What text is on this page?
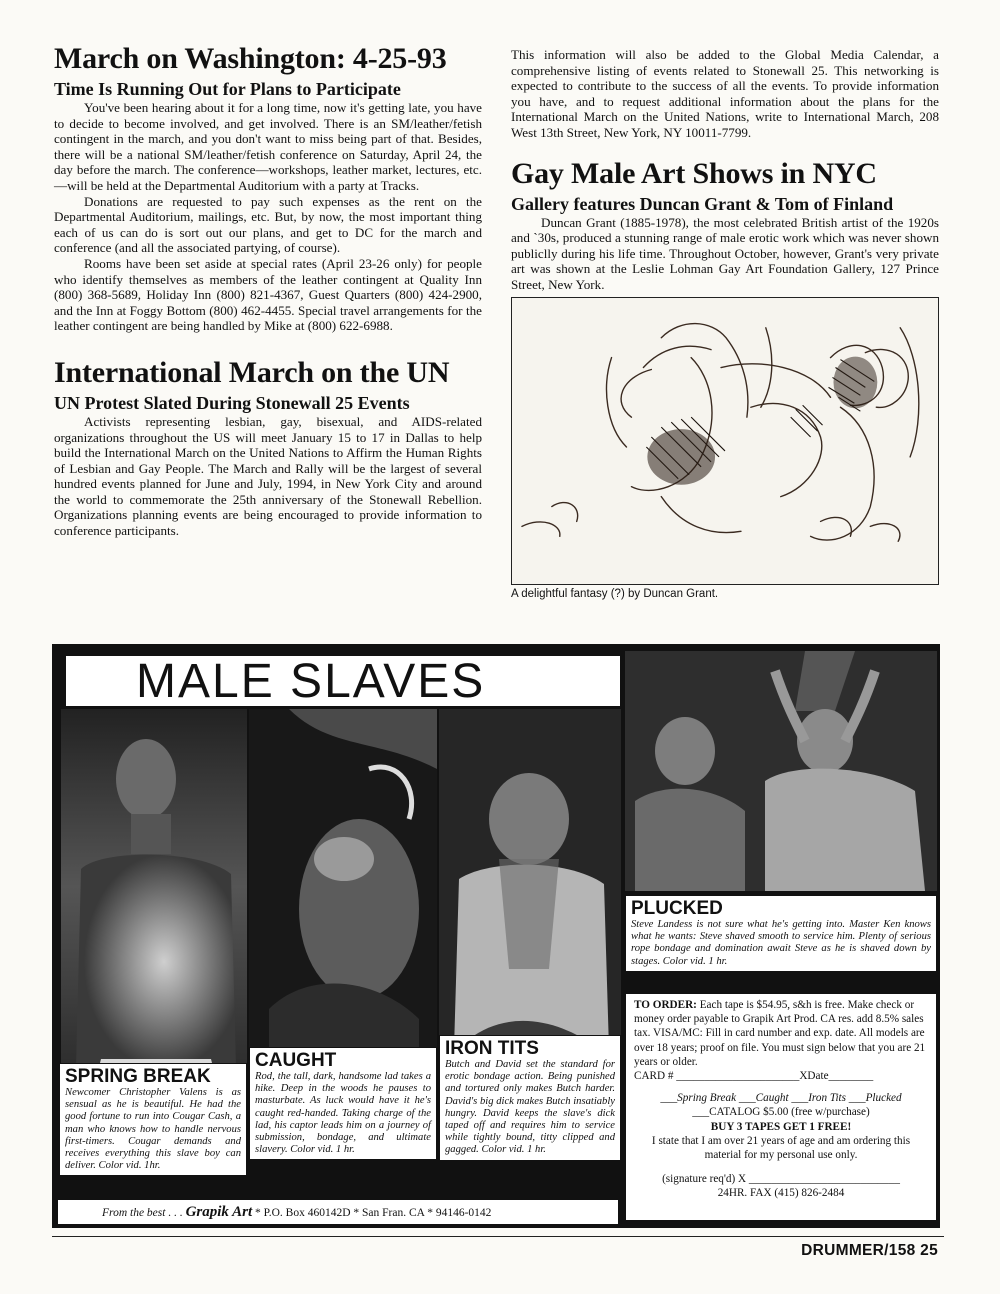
March on Washington: 4-25-93
Time Is Running Out for Plans to Participate

You've been hearing about it for a long time, now it's getting late, you have to decide to become involved, and get involved. There is an SM/leather/fetish contingent in the march, and you don't want to miss being part of that. Besides, there will be a national SM/leather/fetish conference on Saturday, April 24, the day before the march. The conference—workshops, leather market, lectures, etc.—will be held at the Departmental Auditorium with a party at Tracks.

Donations are requested to pay such expenses as the rent on the Departmental Auditorium, mailings, etc. But, by now, the most important thing each of us can do is sort out our plans, and get to DC for the march and conference (and all the associated partying, of course).

Rooms have been set aside at special rates (April 23-26 only) for people who identify themselves as members of the leather contingent at Quality Inn (800) 368-5689, Holiday Inn (800) 821-4367, Guest Quarters (800) 424-2900, and the Inn at Foggy Bottom (800) 462-4455. Special travel arrangements for the leather contingent are being handled by Mike at (800) 622-6988.

International March on the UN
UN Protest Slated During Stonewall 25 Events

Activists representing lesbian, gay, bisexual, and AIDS-related organizations throughout the US will meet January 15 to 17 in Dallas to help build the International March on the United Nations to Affirm the Human Rights of Lesbian and Gay People. The March and Rally will be the largest of several hundred events planned for June and July, 1994, in New York City and around the world to commemorate the 25th anniversary of the Stonewall Rebellion. Organizations planning events are being encouraged to provide information to conference participants.

This information will also be added to the Global Media Calendar, a comprehensive listing of events related to Stonewall 25. This networking is expected to contribute to the success of all the events. To provide information you have, and to request additional information about the plans for the International March on the United Nations, write to International March, 208 West 13th Street, New York, NY 10011-7799.

Gay Male Art Shows in NYC
Gallery features Duncan Grant & Tom of Finland

Duncan Grant (1885-1978), the most celebrated British artist of the 1920s and `30s, produced a stunning range of male erotic work which was never shown publiclly during his life time. Throughout October, however, Grant's very private art was shown at the Leslie Lohman Gay Art Foundation Gallery, 127 Prince Street, New York.

A delightful fantasy (?) by Duncan Grant.
MALE SLAVES
SPRING BREAK
Newcomer Christopher Valens is as sensual as he is beautiful. He had the good fortune to run into Cougar Cash, a man who knows how to handle nervous first-timers. Cougar demands and receives everything this slave boy can deliver. Color vid. 1hr.
CAUGHT
Rod, the tall, dark, handsome lad takes a hike. Deep in the woods he pauses to masturbate. As luck would have it he's caught red-handed. Taking charge of the lad, his captor leads him on a journey of submission, bondage, and ultimate slavery. Color vid. 1 hr.
IRON TITS
Butch and David set the standard for erotic bondage action. Being punished and tortured only makes Butch harder. David's big dick makes Butch insatiably hungry. David keeps the slave's dick taped off and requires him to service while tightly bound, titty clipped and gagged. Color vid. 1 hr.
PLUCKED
Steve Landess is not sure what he's getting into. Master Ken knows what he wants: Steve shaved smooth to service him. Plenty of serious rope bondage and domination await Steve as he is shaved down by stages. Color vid. 1 hr.
TO ORDER: Each tape is $54.95, s&h is free. Make check or money order payable to Grapik Art Prod. CA res. add 8.5% sales tax. VISA/MC: Fill in card number and exp. date. All models are over 18 years; proof on file. You must sign below that you are 21 years or older.
CARD # ______________________XDate________
___Spring Break ___Caught ___Iron Tits ___Plucked
___CATALOG $5.00 (free w/purchase)
BUY 3 TAPES GET 1 FREE!
I state that I am over 21 years of age and am ordering this material for my personal use only.
(signature req'd) X ___________________________
24HR. FAX (415) 826-2484
From the best . . . Grapik Art * P.O. Box 460142D * San Fran. CA * 94146-0142
DRUMMER/158 25
